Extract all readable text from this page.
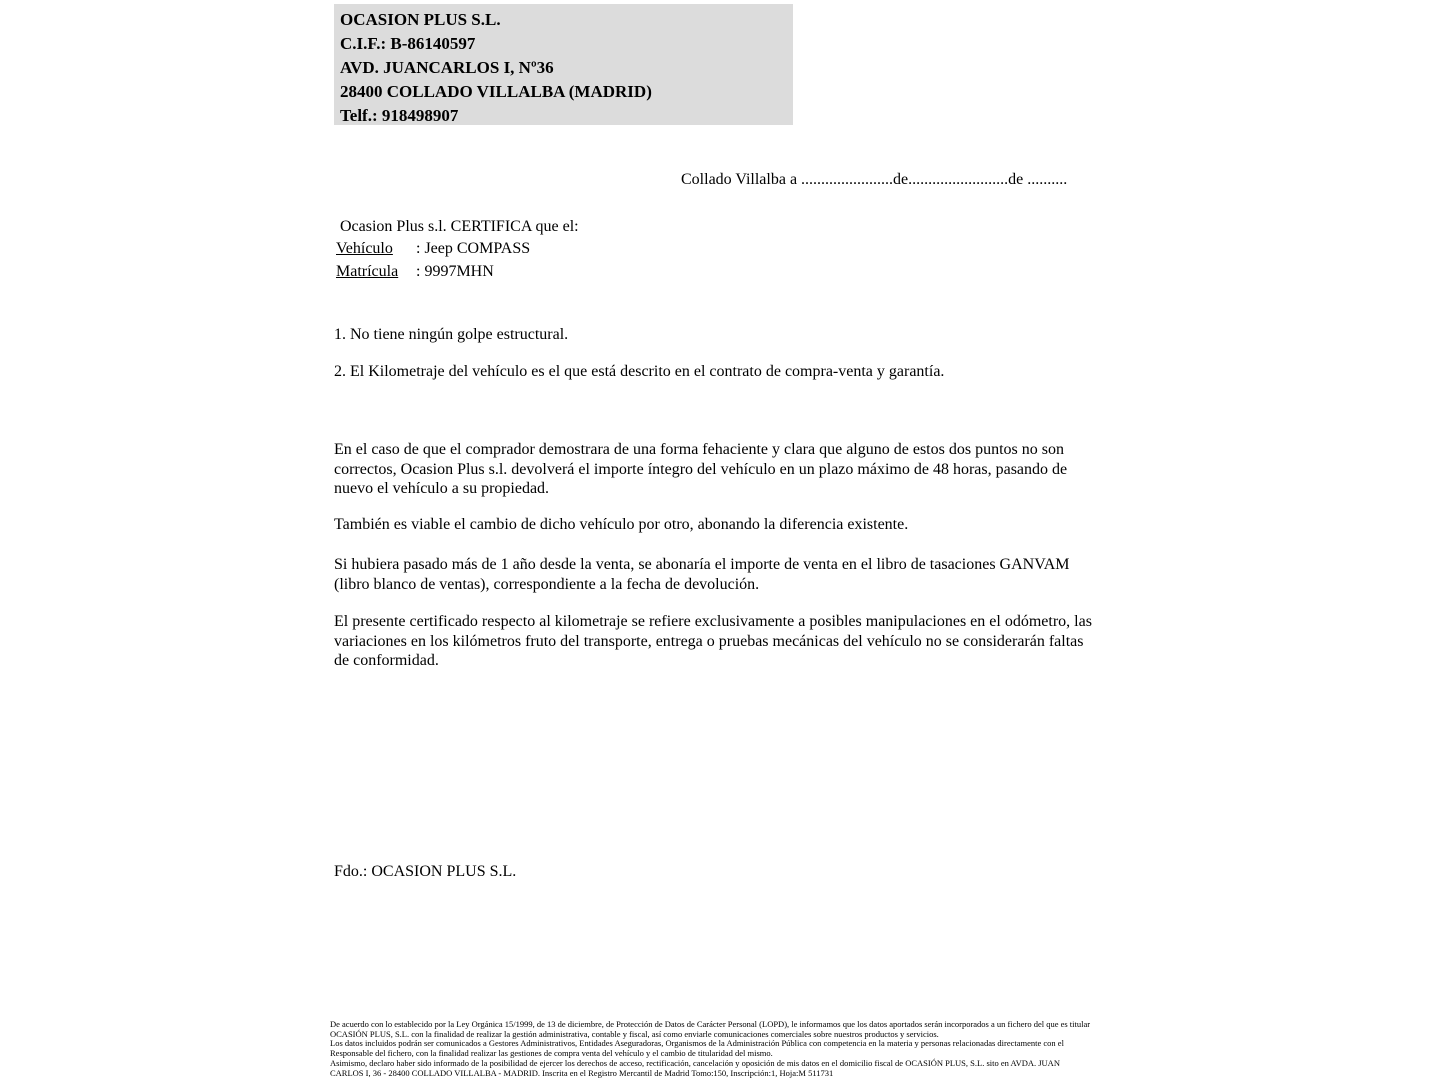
OCASION PLUS S.L.
C.I.F.: B-86140597
AVD. JUANCARLOS I, Nº36
28400 COLLADO VILLALBA (MADRID)
Telf.: 918498907
Collado Villalba a .......................de.........................de ..........
Ocasion Plus s.l. CERTIFICA que el:
Vehículo : Jeep COMPASS
Matrícula : 9997MHN
1. No tiene ningún golpe estructural.
2. El Kilometraje del vehículo es el que está descrito en el contrato de compra-venta y garantía.
En el caso de que el comprador demostrara de una forma fehaciente y clara que alguno de estos dos puntos no son correctos, Ocasion Plus s.l. devolverá el importe íntegro del vehículo en un plazo máximo de 48 horas, pasando de nuevo el vehículo a su propiedad.
También es viable el cambio de dicho vehículo por otro, abonando la diferencia existente.
Si hubiera pasado más de 1 año desde la venta, se abonaría el importe de venta en el libro de tasaciones GANVAM (libro blanco de ventas), correspondiente a la fecha de devolución.
El presente certificado respecto al kilometraje se refiere exclusivamente a posibles manipulaciones en el odómetro, las variaciones en los kilómetros fruto del transporte, entrega o pruebas mecánicas del vehículo no se considerarán faltas de conformidad.
Fdo.: OCASION PLUS S.L.
De acuerdo con lo establecido por la Ley Orgánica 15/1999, de 13 de diciembre, de Protección de Datos de Carácter Personal (LOPD), le informamos que los datos aportados serán incorporados a un fichero del que es titular
OCASIÓN PLUS, S.L. con la finalidad de realizar la gestión administrativa, contable y fiscal, así como enviarle comunicaciones comerciales sobre nuestros productos y servicios.
Los datos incluidos podrán ser comunicados a Gestores Administrativos, Entidades Aseguradoras, Organismos de la Administración Pública con competencia en la materia y personas relacionadas directamente con el
Responsable del fichero, con la finalidad realizar las gestiones de compra venta del vehículo y el cambio de titularidad del mismo.
Asimismo, declaro haber sido informado de la posibilidad de ejercer los derechos de acceso, rectificación, cancelación y oposición de mis datos en el domicilio fiscal de OCASIÓN PLUS, S.L. sito en AVDA. JUAN
CARLOS I, 36 - 28400 COLLADO VILLALBA - MADRID. Inscrita en el Registro Mercantil de Madrid Tomo:150, Inscripción:1, Hoja:M 511731
